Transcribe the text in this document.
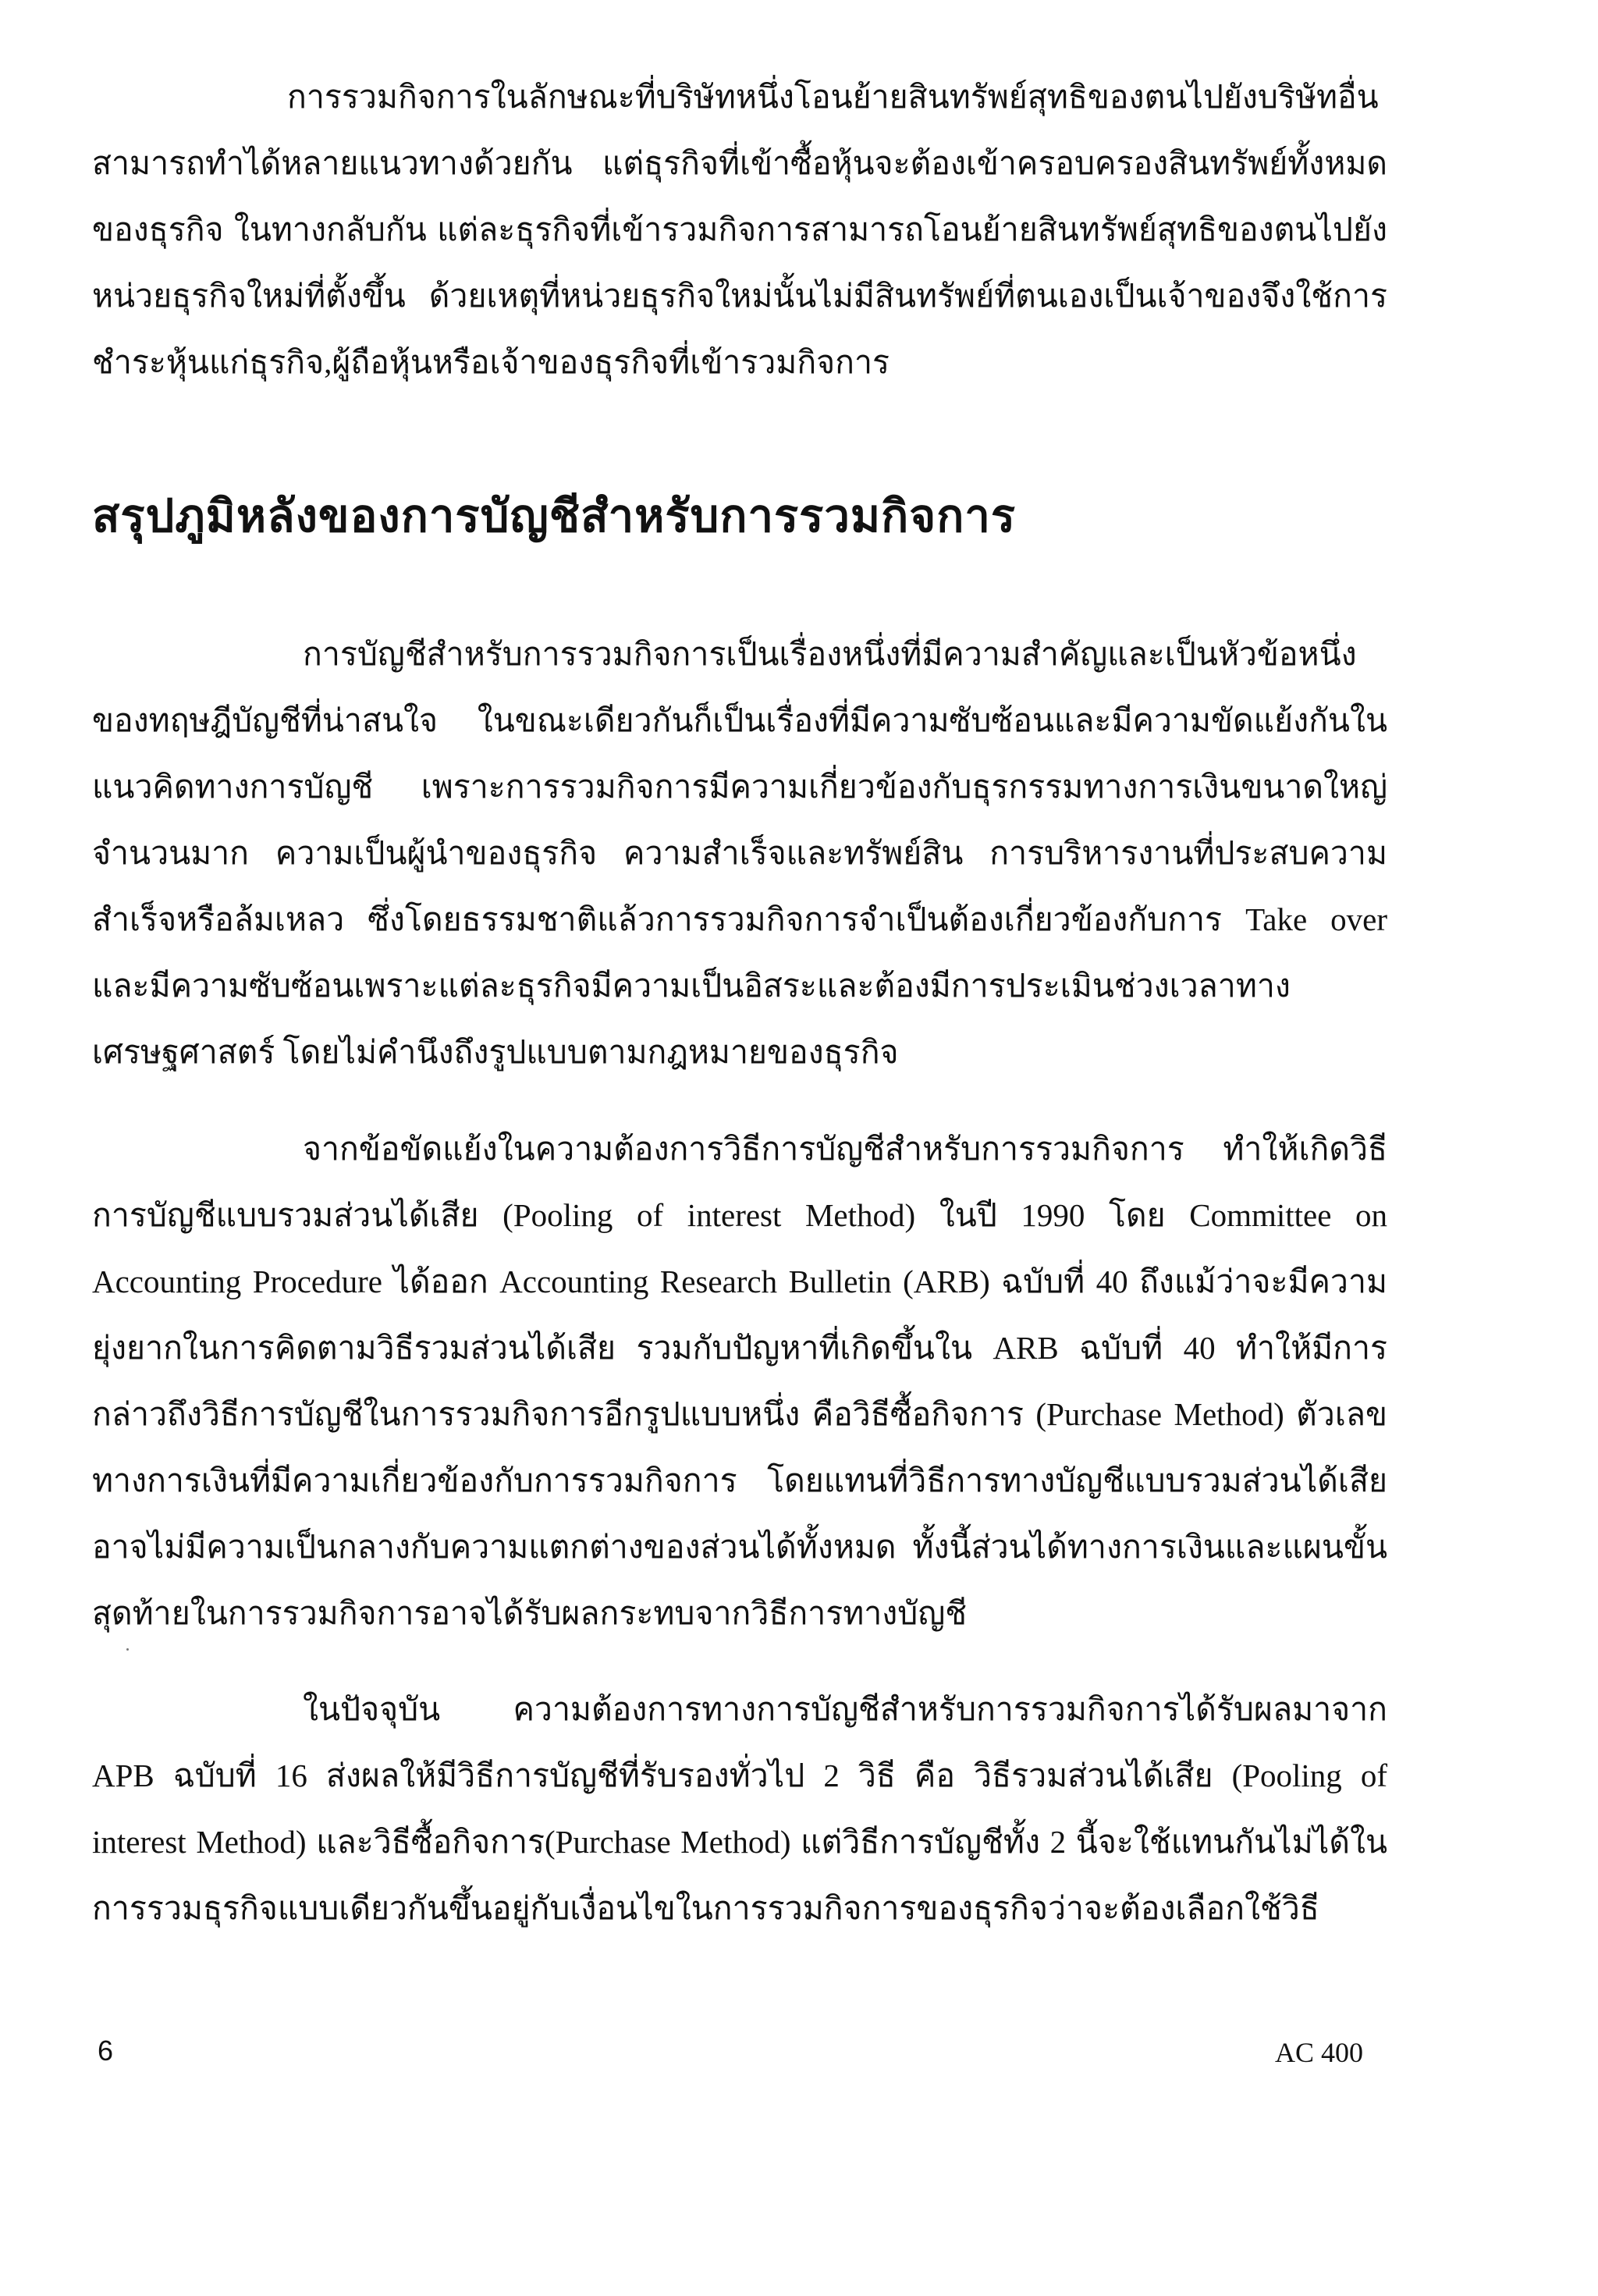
การรวมกิจการในลักษณะที่บริษัทหนึ่งโอนย้ายสินทรัพย์สุทธิของตนไปยังบริษัทอื่นสามารถทำได้หลายแนวทางด้วยกัน แต่ธุรกิจที่เข้าซื้อหุ้นจะต้องเข้าครอบครองสินทรัพย์ทั้งหมดของธุรกิจ ในทางกลับกัน แต่ละธุรกิจที่เข้ารวมกิจการสามารถโอนย้ายสินทรัพย์สุทธิของตนไปยังหน่วยธุรกิจใหม่ที่ตั้งขึ้น ด้วยเหตุที่หน่วยธุรกิจใหม่นั้นไม่มีสินทรัพย์ที่ตนเองเป็นเจ้าของจึงใช้การชำระหุ้นแก่ธุรกิจ,ผู้ถือหุ้นหรือเจ้าของธุรกิจที่เข้ารวมกิจการ

สรุปภูมิหลังของการบัญชีสำหรับการรวมกิจการ

การบัญชีสำหรับการรวมกิจการเป็นเรื่องหนึ่งที่มีความสำคัญและเป็นหัวข้อหนึ่งของทฤษฎีบัญชีที่น่าสนใจ ในขณะเดียวกันก็เป็นเรื่องที่มีความซับซ้อนและมีความขัดแย้งกันในแนวคิดทางการบัญชี เพราะการรวมกิจการมีความเกี่ยวข้องกับธุรกรรมทางการเงินขนาดใหญ่จำนวนมาก ความเป็นผู้นำของธุรกิจ ความสำเร็จและทรัพย์สิน การบริหารงานที่ประสบความสำเร็จหรือล้มเหลว ซึ่งโดยธรรมชาติแล้วการรวมกิจการจำเป็นต้องเกี่ยวข้องกับการ Take over และมีความซับซ้อนเพราะแต่ละธุรกิจมีความเป็นอิสระและต้องมีการประเมินช่วงเวลาทางเศรษฐศาสตร์ โดยไม่คำนึงถึงรูปแบบตามกฎหมายของธุรกิจ

จากข้อขัดแย้งในความต้องการวิธีการบัญชีสำหรับการรวมกิจการ ทำให้เกิดวิธีการบัญชีแบบรวมส่วนได้เสีย (Pooling of interest Method) ในปี 1990 โดย Committee on Accounting Procedure ได้ออก Accounting Research Bulletin (ARB) ฉบับที่ 40 ถึงแม้ว่าจะมีความยุ่งยากในการคิดตามวิธีรวมส่วนได้เสีย รวมกับปัญหาที่เกิดขึ้นใน ARB ฉบับที่ 40 ทำให้มีการกล่าวถึงวิธีการบัญชีในการรวมกิจการอีกรูปแบบหนึ่ง คือวิธีซื้อกิจการ (Purchase Method) ตัวเลขทางการเงินที่มีความเกี่ยวข้องกับการรวมกิจการ โดยแทนที่วิธีการทางบัญชีแบบรวมส่วนได้เสียอาจไม่มีความเป็นกลางกับความแตกต่างของส่วนได้ทั้งหมด ทั้งนี้ส่วนได้ทางการเงินและแผนขั้นสุดท้ายในการรวมกิจการอาจได้รับผลกระทบจากวิธีการทางบัญชี

ในปัจจุบัน ความต้องการทางการบัญชีสำหรับการรวมกิจการได้รับผลมาจาก APB ฉบับที่ 16 ส่งผลให้มีวิธีการบัญชีที่รับรองทั่วไป 2 วิธี คือ วิธีรวมส่วนได้เสีย (Pooling of interest Method) และวิธีซื้อกิจการ(Purchase Method) แต่วิธีการบัญชีทั้ง 2 นี้จะใช้แทนกันไม่ได้ในการรวมธุรกิจแบบเดียวกันขึ้นอยู่กับเงื่อนไขในการรวมกิจการของธุรกิจว่าจะต้องเลือกใช้วิธี

6	AC 400
